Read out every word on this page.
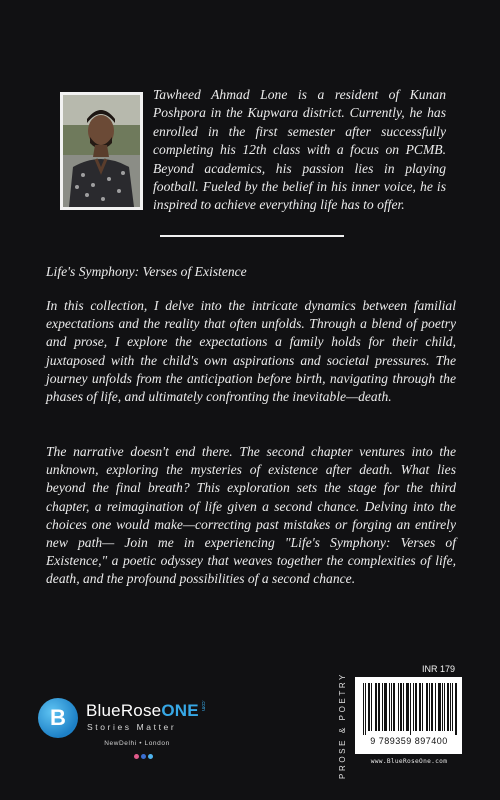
Tawheed Ahmad Lone is a resident of Kunan Poshpora in the Kupwara district. Currently, he has enrolled in the first semester after successfully completing his 12th class with a focus on PCMB. Beyond academics, his passion lies in playing football. Fueled by the belief in his inner voice, he is inspired to achieve everything life has to offer.

Life's Symphony: Verses of Existence

In this collection, I delve into the intricate dynamics between familial expectations and the reality that often unfolds. Through a blend of poetry and prose, I explore the expectations a family holds for their child, juxtaposed with the child's own aspirations and societal pressures. The journey unfolds from the anticipation before birth, navigating through the phases of life, and ultimately confronting the inevitable—death.

The narrative doesn't end there. The second chapter ventures into the unknown, exploring the mysteries of existence after death. What lies beyond the final breath? This exploration sets the stage for the third chapter, a reimagination of life given a second chance. Delving into the choices one would make—correcting past mistakes or forging an entirely new path— Join me in experiencing "Life's Symphony: Verses of Existence," a poetic odyssey that weaves together the complexities of life, death, and the profound possibilities of a second chance.

B BlueRoseONE .com
Stories Matter
NewDelhi • London	PROSE & POETRY
INR 179
9 789359 897400
www.BlueRoseOne.com
